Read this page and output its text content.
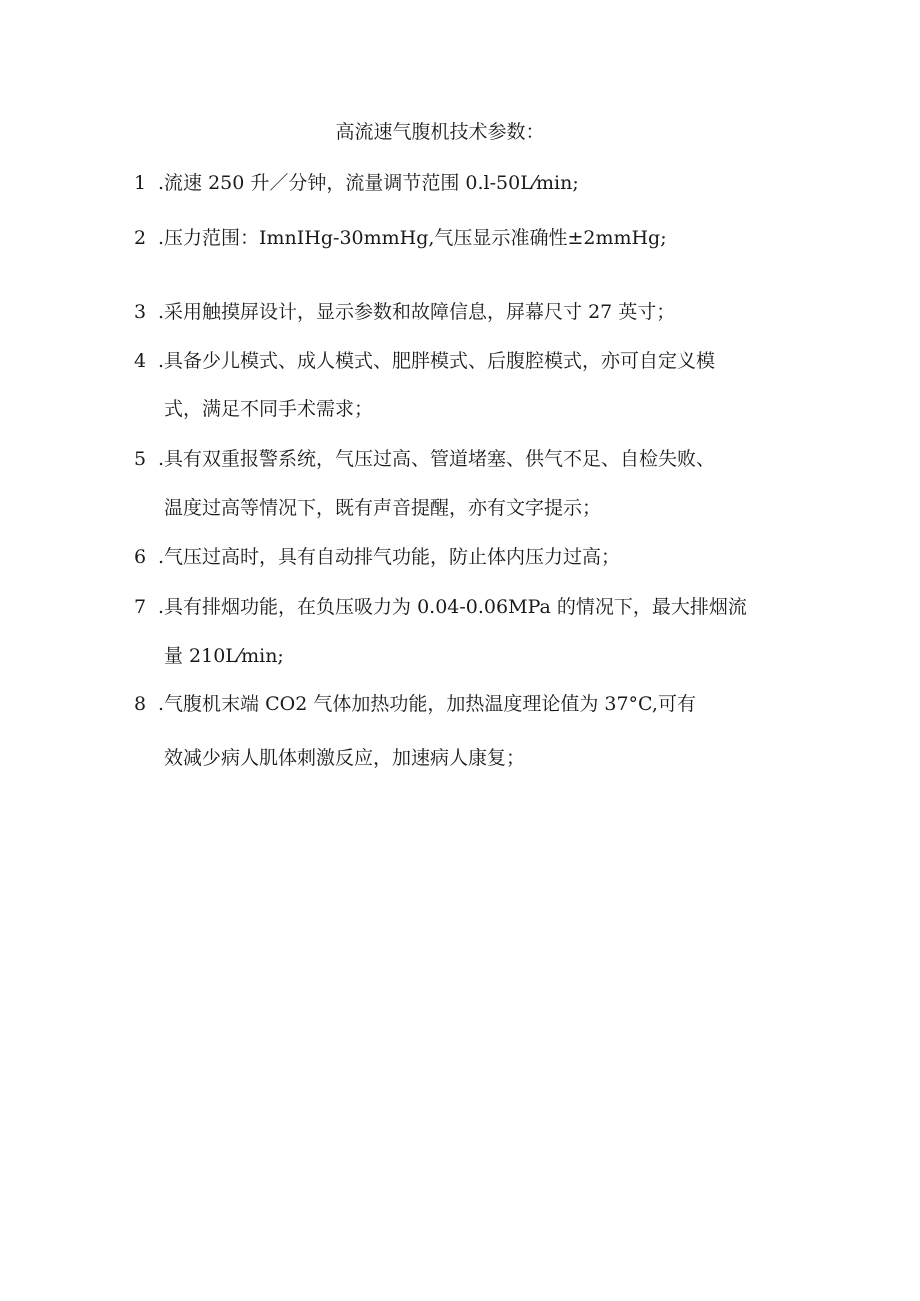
高流速气腹机技术参数：
1 .流速 250 升／分钟，流量调节范围 0.l-50L⁄min;
2 .压力范围：ImnIHg-30mmHg,气压显示准确性±2mmHg;
3 .采用触摸屏设计，显示参数和故障信息，屏幕尺寸 27 英寸；
4 .具备少儿模式、成人模式、肥胖模式、后腹腔模式，亦可自定义模
式，满足不同手术需求；
5 .具有双重报警系统，气压过高、管道堵塞、供气不足、自检失败、
温度过高等情况下，既有声音提醒，亦有文字提示；
6 .气压过高时，具有自动排气功能，防止体内压力过高；
7 .具有排烟功能，在负压吸力为 0.04-0.06MPa 的情况下，最大排烟流
量 210L⁄min;
8 .气腹机末端 CO2 气体加热功能，加热温度理论值为 37°C,可有
效减少病人肌体刺激反应，加速病人康复；
